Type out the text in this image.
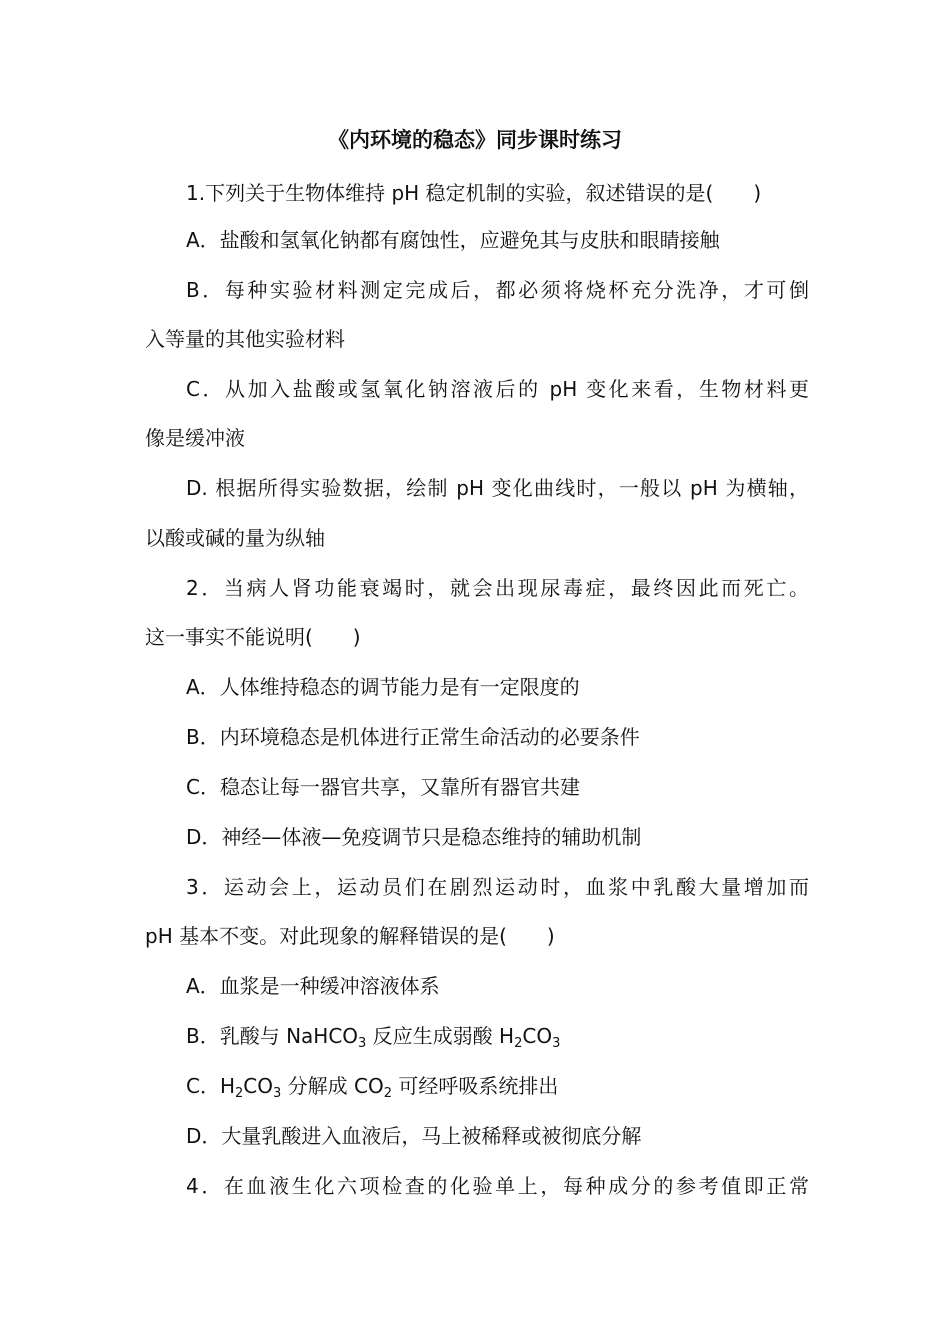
《内环境的稳态》同步课时练习
1.下列关于生物体维持 pH 稳定机制的实验，叙述错误的是(　　)
A．盐酸和氢氧化钠都有腐蚀性，应避免其与皮肤和眼睛接触
B．每种实验材料测定完成后，都必须将烧杯充分洗净，才可倒
入等量的其他实验材料
C．从加入盐酸或氢氧化钠溶液后的 pH 变化来看，生物材料更
像是缓冲液
D. 根据所得实验数据，绘制 pH 变化曲线时，一般以 pH 为横轴，
以酸或碱的量为纵轴
2．当病人肾功能衰竭时，就会出现尿毒症，最终因此而死亡。
这一事实不能说明(　　)
A．人体维持稳态的调节能力是有一定限度的
B．内环境稳态是机体进行正常生命活动的必要条件
C．稳态让每一器官共享，又靠所有器官共建
D．神经—体液—免疫调节只是稳态维持的辅助机制
3．运动会上，运动员们在剧烈运动时，血浆中乳酸大量增加而
pH 基本不变。对此现象的解释错误的是(　　)
A．血浆是一种缓冲溶液体系
B．乳酸与 NaHCO$_3$ 反应生成弱酸 $H_2CO_3$
C．$H_2CO_3$ 分解成 $CO_2$ 可经呼吸系统排出
D．大量乳酸进入血液后，马上被稀释或被彻底分解
4．在血液生化六项检查的化验单上，每种成分的参考值即正常
